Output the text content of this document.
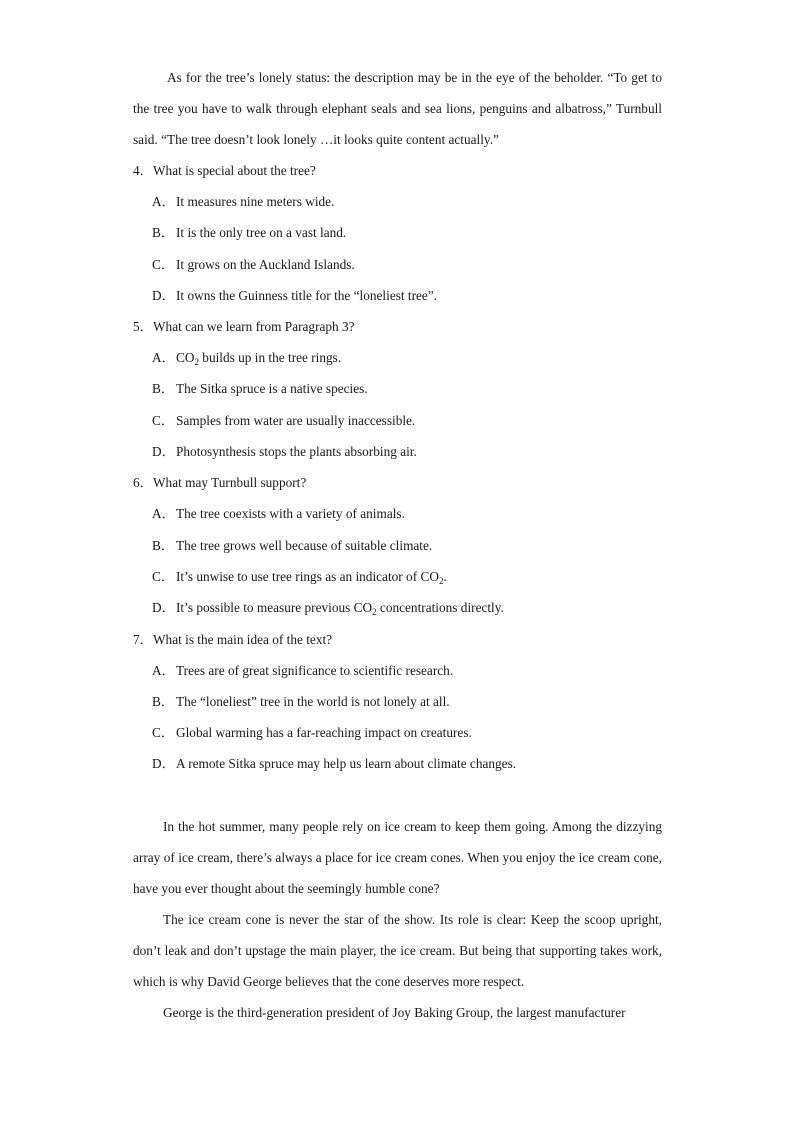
As for the tree’s lonely status: the description may be in the eye of the beholder. “To get to the tree you have to walk through elephant seals and sea lions, penguins and albatross,” Turnbull said. “The tree doesn’t look lonely …it looks quite content actually.”

4．What is special about the tree?

A．It measures nine meters wide.

B． It is the only tree on a vast land.

C． It grows on the Auckland Islands.

D．It owns the Guinness title for the “loneliest tree”.

5．What can we learn from Paragraph 3?

A．$CO_2$ builds up in the tree rings.

B． The Sitka spruce is a native species.

C． Samples from water are usually inaccessible.

D．Photosynthesis stops the plants absorbing air.

6．What may Turnbull support?

A．The tree coexists with a variety of animals.

B． The tree grows well because of suitable climate.

C． It’s unwise to use tree rings as an indicator of $CO_2$.

D．It’s possible to measure previous $CO_2$ concentrations directly.

7．What is the main idea of the text?

A．Trees are of great significance to scientific research.

B． The “loneliest” tree in the world is not lonely at all.

C． Global warming has a far-reaching impact on creatures.

D．A remote Sitka spruce may help us learn about climate changes.

In the hot summer, many people rely on ice cream to keep them going. Among the dizzying array of ice cream, there’s always a place for ice cream cones. When you enjoy the ice cream cone, have you ever thought about the seemingly humble cone?

The ice cream cone is never the star of the show. Its role is clear: Keep the scoop upright, don’t leak and don’t upstage the main player, the ice cream. But being that supporting takes work, which is why David George believes that the cone deserves more respect.

George is the third-generation president of Joy Baking Group, the largest manufacturer
